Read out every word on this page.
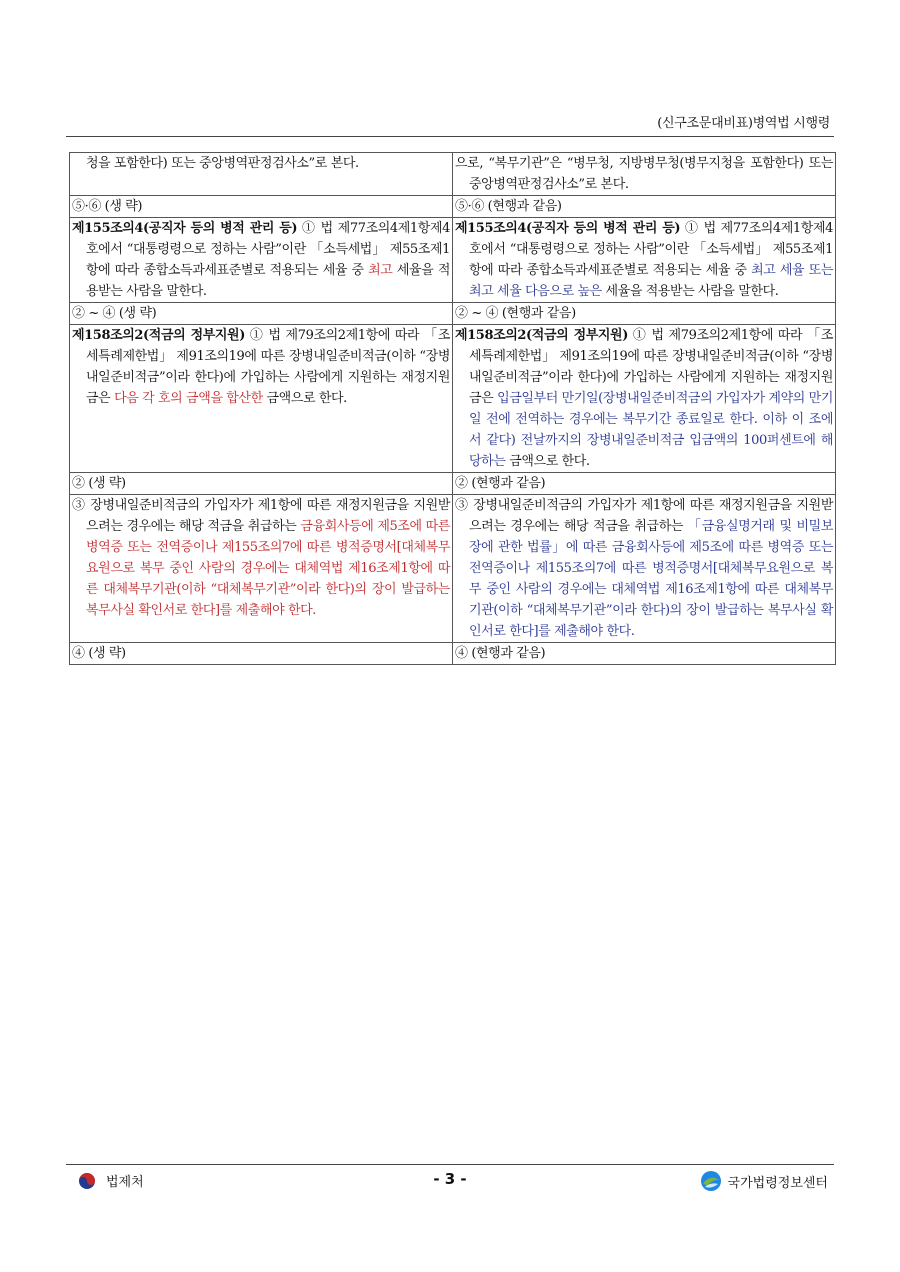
(신구조문대비표)병역법 시행령
청을 포함한다) 또는 중앙병역판정검사소”로 본다.	으로, “복무기관”은 “병무청, 지방병무청(병무지청을 포함한다) 또는 중앙병역판정검사소”로 본다.

⑤·⑥ (생 략)	⑤·⑥ (현행과 같음)

제155조의4(공직자 등의 병적 관리 등) ① 법 제77조의4제1항제4호에서 “대통령령으로 정하는 사람”이란 「소득세법」 제55조제1항에 따라 종합소득과세표준별로 적용되는 세율 중 최고 세율을 적용받는 사람을 말한다.	제155조의4(공직자 등의 병적 관리 등) ① 법 제77조의4제1항제4호에서 “대통령령으로 정하는 사람”이란 「소득세법」 제55조제1항에 따라 종합소득과세표준별로 적용되는 세율 중 최고 세율 또는 최고 세율 다음으로 높은 세율을 적용받는 사람을 말한다.

② ~ ④ (생 략)	② ~ ④ (현행과 같음)

제158조의2(적금의 정부지원) ① 법 제79조의2제1항에 따라 「조세특례제한법」 제91조의19에 따른 장병내일준비적금(이하 “장병내일준비적금”이라 한다)에 가입하는 사람에게 지원하는 재정지원금은 다음 각 호의 금액을 합산한 금액으로 한다.	제158조의2(적금의 정부지원) ① 법 제79조의2제1항에 따라 「조세특례제한법」 제91조의19에 따른 장병내일준비적금(이하 “장병내일준비적금”이라 한다)에 가입하는 사람에게 지원하는 재정지원금은 입금일부터 만기일(장병내일준비적금의 가입자가 계약의 만기일 전에 전역하는 경우에는 복무기간 종료일로 한다. 이하 이 조에서 같다) 전날까지의 장병내일준비적금 입금액의 100퍼센트에 해당하는 금액으로 한다.

② (생 략)	② (현행과 같음)

③ 장병내일준비적금의 가입자가 제1항에 따른 재정지원금을 지원받으려는 경우에는 해당 적금을 취급하는 금융회사등에 제5조에 따른 병역증 또는 전역증이나 제155조의7에 따른 병적증명서[대체복무요원으로 복무 중인 사람의 경우에는 대체역법 제16조제1항에 따른 대체복무기관(이하 “대체복무기관”이라 한다)의 장이 발급하는 복무사실 확인서로 한다]를 제출해야 한다.	③ 장병내일준비적금의 가입자가 제1항에 따른 재정지원금을 지원받으려는 경우에는 해당 적금을 취급하는 「금융실명거래 및 비밀보장에 관한 법률」에 따른 금융회사등에 제5조에 따른 병역증 또는 전역증이나 제155조의7에 따른 병적증명서[대체복무요원으로 복무 중인 사람의 경우에는 대체역법 제16조제1항에 따른 대체복무기관(이하 “대체복무기관”이라 한다)의 장이 발급하는 복무사실 확인서로 한다]를 제출해야 한다.

④ (생 략)	④ (현행과 같음)
법제처	- 3 -	국가법령정보센터
